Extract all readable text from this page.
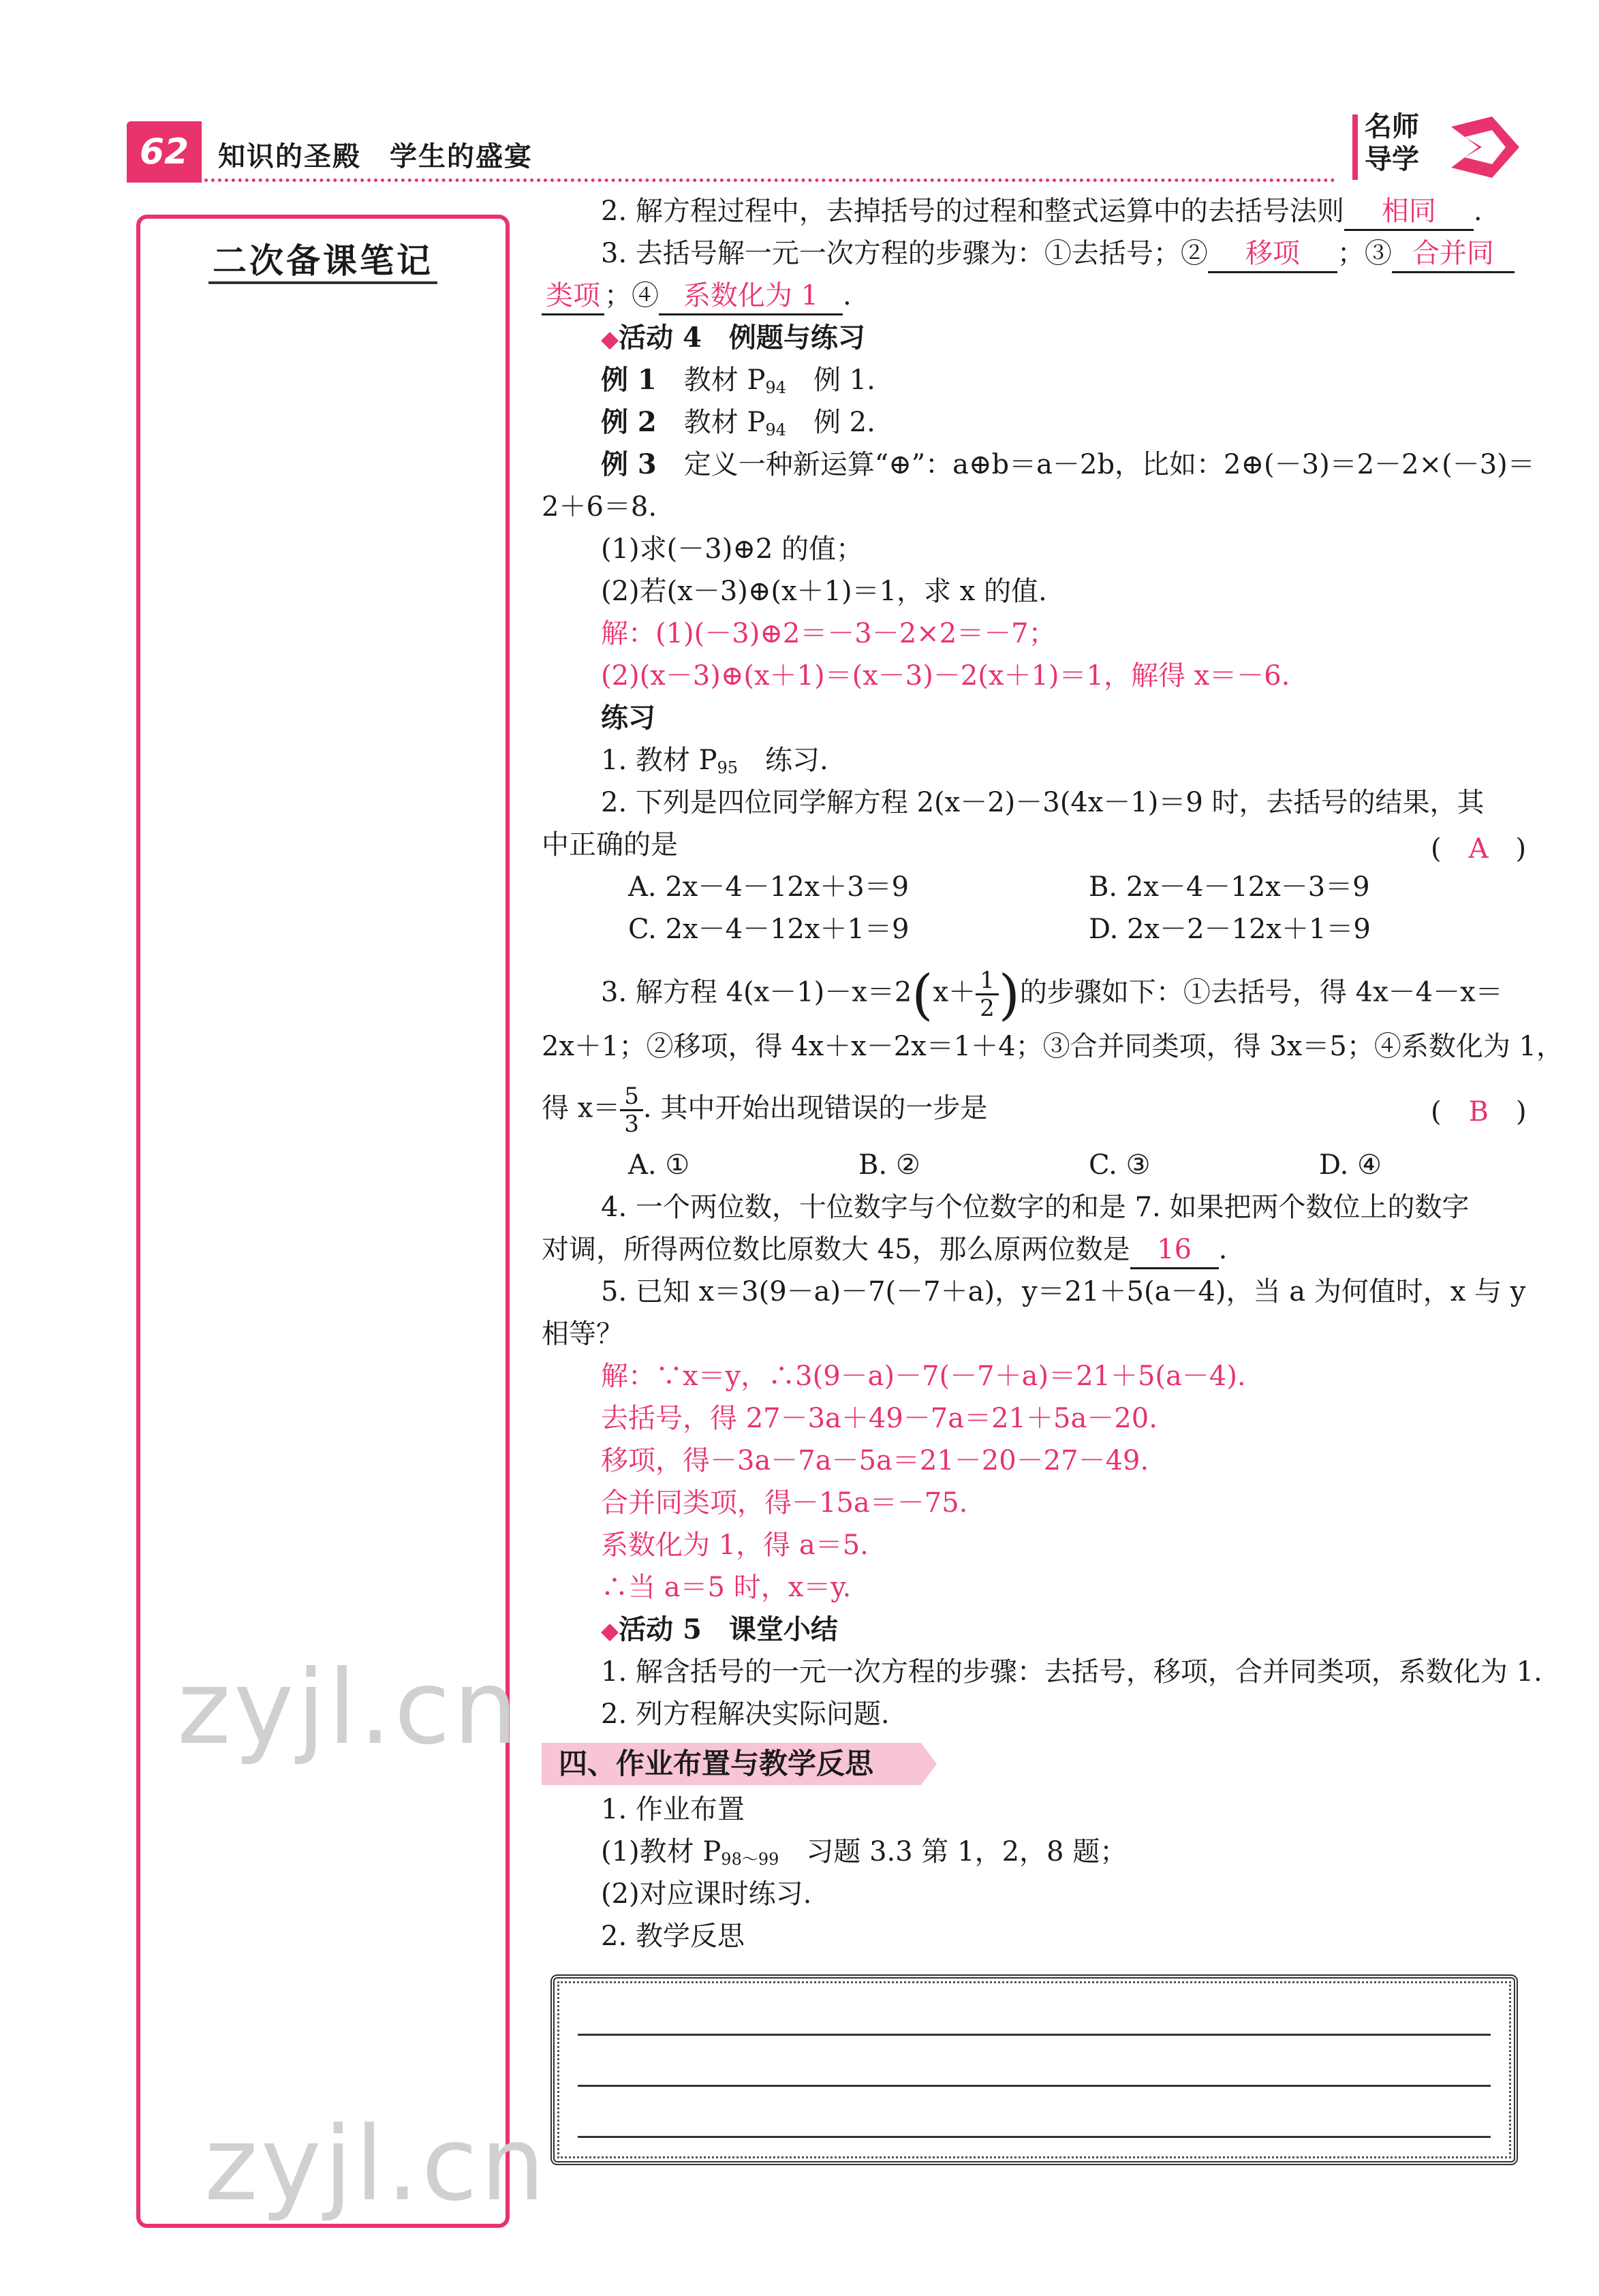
62	知识的圣殿　学生的盛宴
名师
导学
二次备课笔记
zyjl.cn
zyjl.cn
2. 解方程过程中，去掉括号的过程和整式运算中的去括号法则 相同 .
3. 去括号解一元一次方程的步骤为：①去括号；② 移项 ；③ 合并同
类项 ；④ 系数化为 1 .
◆活动 4　例题与练习
例 1　 教材 $P_{94}$　例 1.
例 2　 教材 $P_{94}$　例 2.
例 3　 定义一种新运算“⊕”：a⊕b＝a－2b，比如：2⊕(－3)＝2－2×(－3)＝
2＋6＝8.
(1)求(－3)⊕2 的值；
(2)若(x－3)⊕(x＋1)＝1，求 x 的值.
解：(1)(－3)⊕2＝－3－2×2＝－7；
(2)(x－3)⊕(x＋1)＝(x－3)－2(x＋1)＝1，解得 x＝－6.
练习
1. 教材 $P_{95}$　练习.
2. 下列是四位同学解方程 2(x－2)－3(4x－1)＝9 时，去括号的结果，其
中正确的是	(　A　)
A. 2x－4－12x＋3＝9	B. 2x－4－12x－3＝9
C. 2x－4－12x＋1＝9	D. 2x－2－12x＋1＝9
3. 解方程 $4(x-1)-x=2(x+ \frac{1}{2}$ )的步骤如下：①去括号，得 4x－4－x＝
2x＋1；②移项，得 4x＋x－2x＝1＋4；③合并同类项，得 3x＝5；④系数化为 1，
得 $x= \frac{5}{3}$ . 其中开始出现错误的一步是	(　B　)
A. ①	B. ②	C. ③	D. ④
4. 一个两位数，十位数字与个位数字的和是 7. 如果把两个数位上的数字
对调，所得两位数比原数大 45，那么原两位数是 16 .
5. 已知 x＝3(9－a)－7(－7＋a)，y＝21＋5(a－4)，当 a 为何值时，x 与 y
相等？
解：∵x＝y，∴3(9－a)－7(－7＋a)＝21＋5(a－4).
去括号，得 27－3a＋49－7a＝21＋5a－20.
移项，得－3a－7a－5a＝21－20－27－49.
合并同类项，得－15a＝－75.
系数化为 1，得 a＝5.
∴当 a＝5 时，x＝y.
◆活动 5　课堂小结
1. 解含括号的一元一次方程的步骤：去括号，移项，合并同类项，系数化为 1.
2. 列方程解决实际问题.
四、作业布置与教学反思
1. 作业布置
(1)教材 $P_{98\sim 99}$　习题 3.3 第 1，2，8 题；
(2)对应课时练习.
2. 教学反思
